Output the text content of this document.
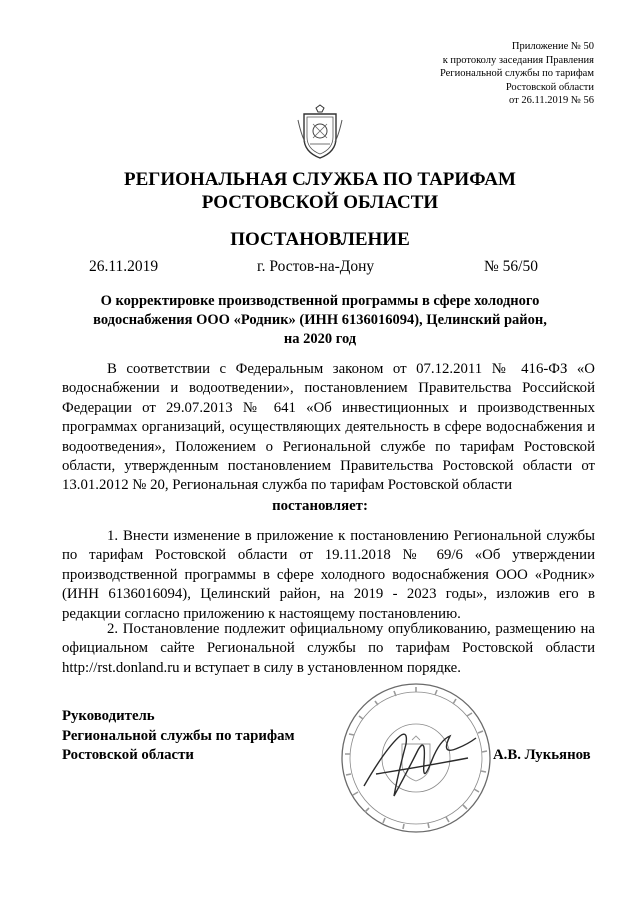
Приложение № 50
к протоколу заседания Правления
Региональной службы по тарифам
Ростовской области
от 26.11.2019 № 56
РЕГИОНАЛЬНАЯ СЛУЖБА ПО ТАРИФАМ
РОСТОВСКОЙ ОБЛАСТИ
ПОСТАНОВЛЕНИЕ
26.11.2019	г. Ростов-на-Дону	№ 56/50
О корректировке производственной программы в сфере холодного
водоснабжения ООО «Родник» (ИНН 6136016094), Целинский район,
на 2020 год

В соответствии с Федеральным законом от 07.12.2011 № 416-ФЗ «О водоснабжении и водоотведении», постановлением Правительства Российской Федерации от 29.07.2013 № 641 «Об инвестиционных и производственных программах организаций, осуществляющих деятельность в сфере водоснабжения и водоотведения», Положением о Региональной службе по тарифам Ростовской области, утвержденным постановлением Правительства Ростовской области от 13.01.2012 № 20, Региональная служба по тарифам Ростовской области

постановляет:

1. Внести изменение в приложение к постановлению Региональной службы по тарифам Ростовской области от 19.11.2018 № 69/6 «Об утверждении производственной программы в сфере холодного водоснабжения ООО «Родник» (ИНН 6136016094), Целинский район, на 2019 - 2023 годы», изложив его в редакции согласно приложению к настоящему постановлению.

2. Постановление подлежит официальному опубликованию, размещению на официальном сайте Региональной службы по тарифам Ростовской области http://rst.donland.ru и вступает в силу в установленном порядке.

Руководитель
Региональной службы по тарифам
Ростовской области	А.В. Лукьянов
